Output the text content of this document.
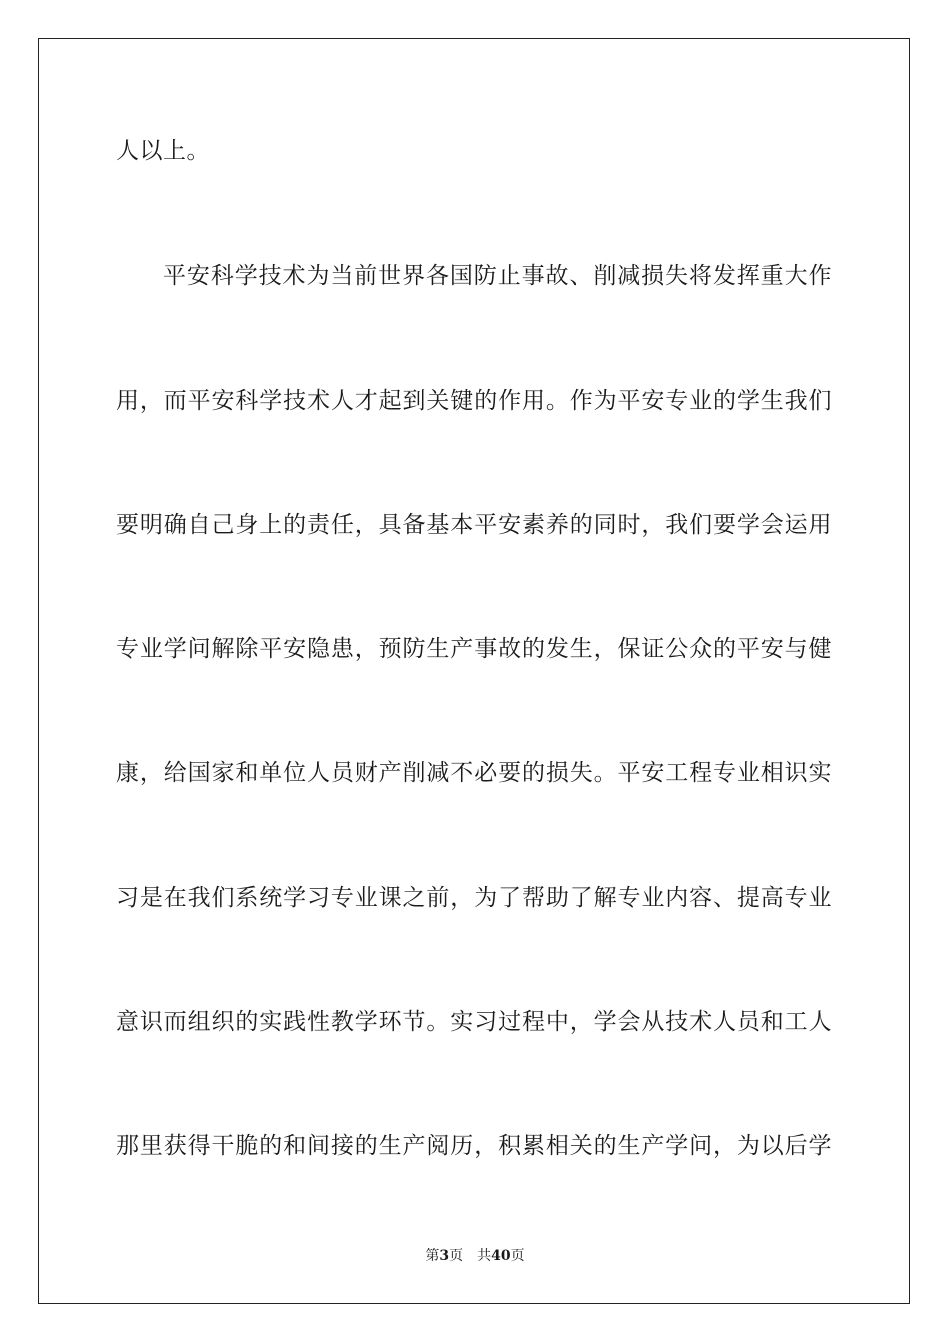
人以上。
平安科学技术为当前世界各国防止事故、削减损失将发挥重大作
用，而平安科学技术人才起到关键的作用。作为平安专业的学生我们
要明确自己身上的责任，具备基本平安素养的同时，我们要学会运用
专业学问解除平安隐患，预防生产事故的发生，保证公众的平安与健
康，给国家和单位人员财产削减不必要的损失。平安工程专业相识实
习是在我们系统学习专业课之前，为了帮助了解专业内容、提高专业
意识而组织的实践性教学环节。实习过程中，学会从技术人员和工人
那里获得干脆的和间接的生产阅历，积累相关的生产学问，为以后学
第3页 共40页
